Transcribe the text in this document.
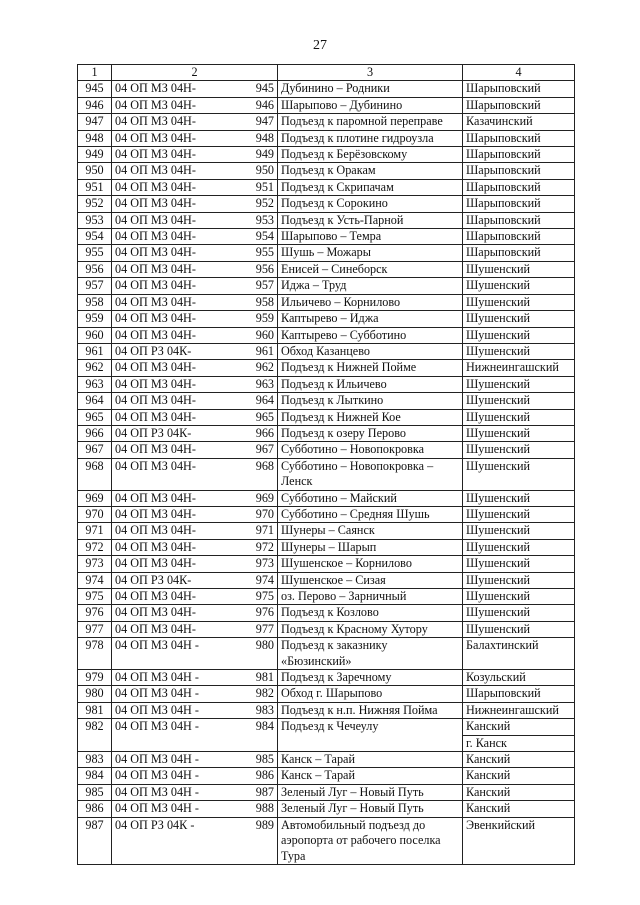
27
1	2		3	4
945	04 ОП МЗ 04Н-	945	Дубинино – Родники	Шарыповский
946	04 ОП МЗ 04Н-	946	Шарыпово – Дубинино	Шарыповский
947	04 ОП МЗ 04Н-	947	Подъезд к паромной переправе	Казачинский
948	04 ОП МЗ 04Н-	948	Подъезд к плотине гидроузла	Шарыповский
949	04 ОП МЗ 04Н-	949	Подъезд к Берёзовскому	Шарыповский
950	04 ОП МЗ 04Н-	950	Подъезд к Оракам	Шарыповский
951	04 ОП МЗ 04Н-	951	Подъезд к Скрипачам	Шарыповский
952	04 ОП МЗ 04Н-	952	Подъезд к Сорокино	Шарыповский
953	04 ОП МЗ 04Н-	953	Подъезд к Усть-Парной	Шарыповский
954	04 ОП МЗ 04Н-	954	Шарыпово – Темра	Шарыповский
955	04 ОП МЗ 04Н-	955	Шушь – Можары	Шарыповский
956	04 ОП МЗ 04Н-	956	Енисей – Синеборск	Шушенский
957	04 ОП МЗ 04Н-	957	Иджа – Труд	Шушенский
958	04 ОП МЗ 04Н-	958	Ильичево – Корнилово	Шушенский
959	04 ОП МЗ 04Н-	959	Каптырево – Иджа	Шушенский
960	04 ОП МЗ 04Н-	960	Каптырево – Субботино	Шушенский
961	04 ОП РЗ 04К-	961	Обход Казанцево	Шушенский
962	04 ОП МЗ 04Н-	962	Подъезд к Нижней Пойме	Нижнеингашский
963	04 ОП МЗ 04Н-	963	Подъезд к Ильичево	Шушенский
964	04 ОП МЗ 04Н-	964	Подъезд к Лыткино	Шушенский
965	04 ОП МЗ 04Н-	965	Подъезд к Нижней Кое	Шушенский
966	04 ОП РЗ 04К-	966	Подъезд к озеру Перово	Шушенский
967	04 ОП МЗ 04Н-	967	Субботино – Новопокровка	Шушенский
968	04 ОП МЗ 04Н-	968	Субботино – Новопокровка – Ленск	Шушенский
969	04 ОП МЗ 04Н-	969	Субботино – Майский	Шушенский
970	04 ОП МЗ 04Н-	970	Субботино – Средняя Шушь	Шушенский
971	04 ОП МЗ 04Н-	971	Шунеры – Саянск	Шушенский
972	04 ОП МЗ 04Н-	972	Шунеры – Шарып	Шушенский
973	04 ОП МЗ 04Н-	973	Шушенское – Корнилово	Шушенский
974	04 ОП РЗ 04К-	974	Шушенское – Сизая	Шушенский
975	04 ОП МЗ 04Н-	975	оз. Перово – Зарничный	Шушенский
976	04 ОП МЗ 04Н-	976	Подъезд к Козлово	Шушенский
977	04 ОП МЗ 04Н-	977	Подъезд к Красному Хутору	Шушенский
978	04 ОП МЗ 04Н -	980	Подъезд к заказнику «Бюзинский»	Балахтинский
979	04 ОП МЗ 04Н -	981	Подъезд к Заречному	Козульский
980	04 ОП МЗ 04Н -	982	Обход г. Шарыпово	Шарыповский
981	04 ОП МЗ 04Н -	983	Подъезд к н.п. Нижняя Пойма	Нижнеингашский
982	04 ОП МЗ 04Н -	984	Подъезд к Чечеулу	Канский
г. Канск

983	04 ОП МЗ 04Н -	985	Канск – Тарай	Канский
984	04 ОП МЗ 04Н -	986	Канск – Тарай	Канский
985	04 ОП МЗ 04Н -	987	Зеленый Луг – Новый Путь	Канский
986	04 ОП МЗ 04Н -	988	Зеленый Луг – Новый Путь	Канский
987	04 ОП РЗ 04К -	989	Автомобильный подъезд до аэропорта от рабочего поселка Тура	Эвенкийский
